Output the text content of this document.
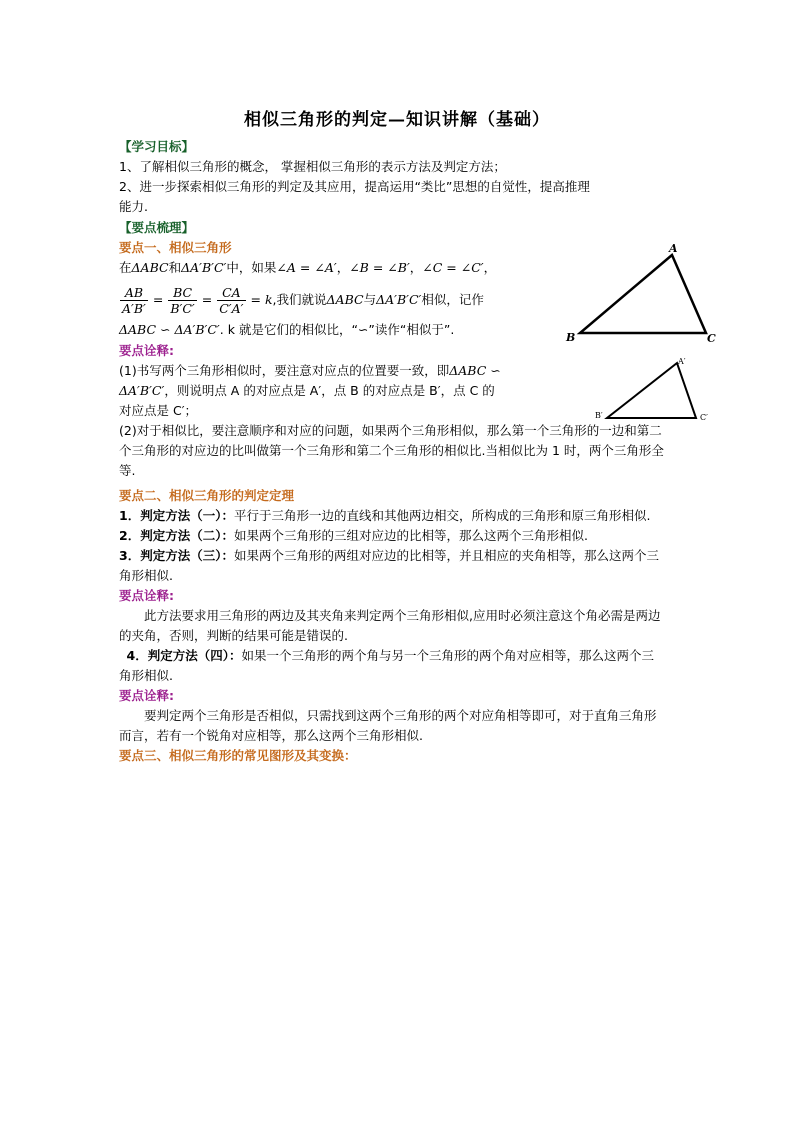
相似三角形的判定—知识讲解（基础）
【学习目标】
1、了解相似三角形的概念， 掌握相似三角形的表示方法及判定方法；
2、进一步探索相似三角形的判定及其应用，提高运用“类比”思想的自觉性，提高推理
能力.
【要点梳理】
要点一、相似三角形
在ΔABC和ΔA′B′C′中，如果∠A = ∠A′，∠B = ∠B′，∠C = ∠C′，
$\frac{AB}{A'B'} = \frac{BC}{B'C'} = \frac{CA}{C'A'} = k$,我们就说ΔABC与ΔA′B′C′相似，记作
ΔABC ∽ ΔA′B′C′. k 就是它们的相似比，“∽”读作“相似于”.
要点诠释:
(1)书写两个三角形相似时，要注意对应点的位置要一致，即ΔABC ∽
ΔA′B′C′，则说明点 A 的对应点是 A′，点 B 的对应点是 B′，点 C 的
对应点是 C′；
(2)对于相似比，要注意顺序和对应的问题，如果两个三角形相似，那么第一个三角形的一边和第二个三角形的对应边的比叫做第一个三角形和第二个三角形的相似比.当相似比为 1 时，两个三角形全等.
要点二、相似三角形的判定定理
1．判定方法（一）：平行于三角形一边的直线和其他两边相交，所构成的三角形和原三角形相似.
2．判定方法（二）：如果两个三角形的三组对应边的比相等，那么这两个三角形相似.
3．判定方法（三）：如果两个三角形的两组对应边的比相等，并且相应的夹角相等，那么这两个三角形相似.
要点诠释:
此方法要求用三角形的两边及其夹角来判定两个三角形相似,应用时必须注意这个角必需是两边的夹角，否则，判断的结果可能是错误的.
4．判定方法（四）：如果一个三角形的两个角与另一个三角形的两个角对应相等，那么这两个三角形相似.
要点诠释:
要判定两个三角形是否相似，只需找到这两个三角形的两个对应角相等即可，对于直角三角形而言，若有一个锐角对应相等，那么这两个三角形相似.
要点三、相似三角形的常见图形及其变换：
A
B	C
A′
B′	C′
